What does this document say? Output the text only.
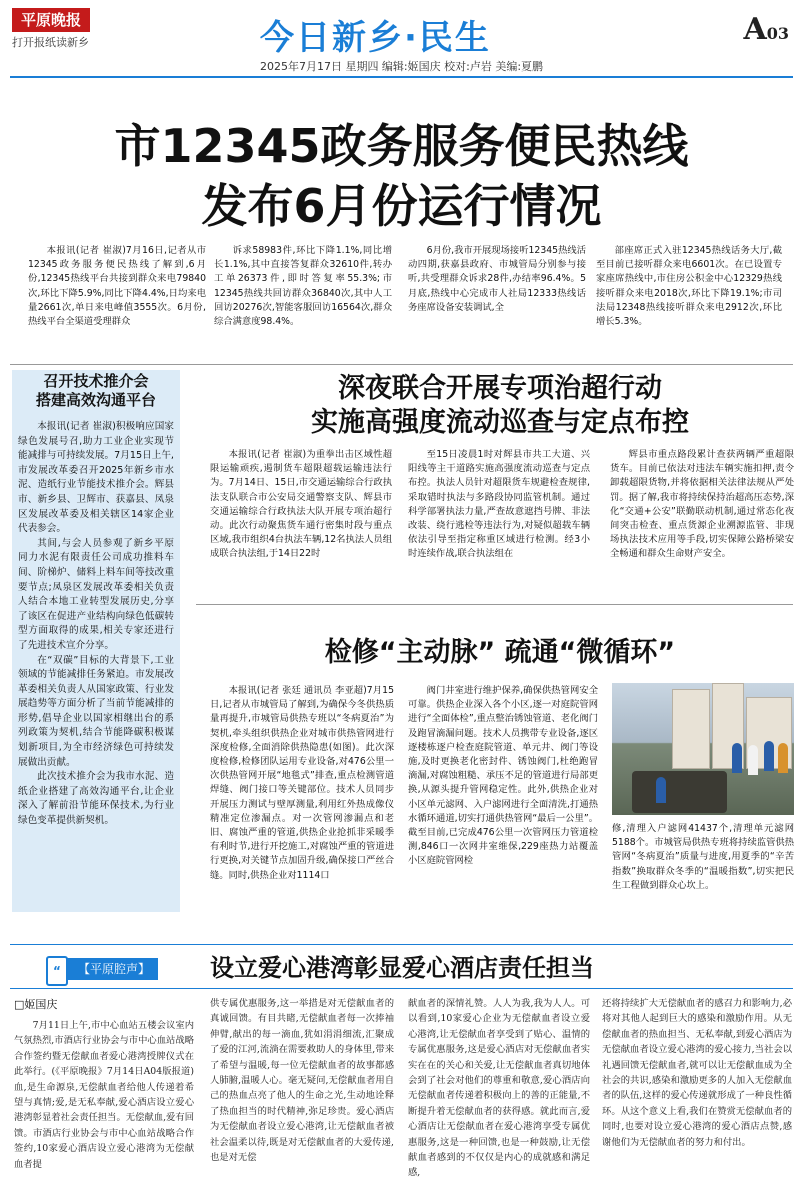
平原晚报
打开报纸读新乡	今日新乡·民生	A03
2025年7月17日 星期四 编辑:姬国庆 校对:卢岩 美编:夏鹏
市12345政务服务便民热线
发布6月份运行情况

本报讯(记者 崔淑)7月16日,记者从市12345政务服务便民热线了解到,6月份,12345热线平台共接到群众来电79840次,环比下降5.9%,同比下降4.4%,日均来电量2661次,单日来电峰值3555次。6月份,热线平台全渠道受理群众

诉求58983件,环比下降1.1%,同比增长1.1%,其中直接答复群众32610件,转办工单26373件,即时答复率55.3%;市12345热线共回访群众36840次,其中人工回访20276次,智能客服回访16564次,群众综合满意度98.4%。

6月份,我市开展现场接听12345热线活动四期,获嘉县政府、市城管局分别参与接听,共受理群众诉求28件,办结率96.4%。5月底,热线中心完成市人社局12333热线话务座席设备安装调试,全

部座席正式入驻12345热线话务大厅,截至目前已接听群众来电6601次。在已设置专家座席热线中,市住房公积金中心12329热线接听群众来电2018次,环比下降19.1%;市司法局12348热线接听群众来电2912次,环比增长5.3%。

召开技术推介会
搭建高效沟通平台

本报讯(记者 崔淑)积极响应国家绿色发展号召,助力工业企业实现节能减排与可持续发展。7月15日上午,市发展改革委召开2025年新乡市水泥、造纸行业节能技术推介会。辉县市、新乡县、卫辉市、获嘉县、凤泉区发展改革委及相关辖区14家企业代表参会。

其间,与会人员参观了新乡平原同力水泥有限责任公司成功推料车间、阶梯炉、储料上料车间等技改重要节点;凤泉区发展改革委相关负责人结合本地工业转型发展历史,分享了该区在促进产业结构向绿色低碳转型方面取得的成果,相关专家还进行了先进技术宣介分享。

在“双碳”目标的大背景下,工业领域的节能减排任务紧迫。市发展改革委相关负责人从国家政策、行业发展趋势等方面分析了当前节能减排的形势,倡导企业以国家相继出台的系列政策为契机,结合节能降碳积极谋划新项目,为全市经济绿色可持续发展做出贡献。

此次技术推介会为我市水泥、造纸企业搭建了高效沟通平台,让企业深入了解前沿节能环保技术,为行业绿色变革提供新契机。

深夜联合开展专项治超行动
实施高强度流动巡查与定点布控

本报讯(记者 崔淑)为重拳出击区域性超限运输顽疾,遏制货车超限超载运输违法行为。7月14日、15日,市交通运输综合行政执法支队联合市公安局交通警察支队、辉县市交通运输综合行政执法大队开展专项治超行动。此次行动聚焦货车通行密集时段与重点区域,我市组织4台执法车辆,12名执法人员组成联合执法组,于14日22时

至15日凌晨1时对辉县市共工大道、兴阳线等主干道路实施高强度流动巡查与定点布控。执法人员针对超限货车规避检查规律,采取错时执法与多路段协同监管机制。通过科学部署执法力量,严查故意遮挡号牌、非法改装、绕行逃检等违法行为,对疑似超载车辆依法引导至指定称重区域进行检测。经3小时连续作战,联合执法组在

辉县市重点路段累计查获两辆严重超限货车。目前已依法对违法车辆实施扣押,责令卸载超限货物,并将依据相关法律法规从严处罚。据了解,我市将持续保持治超高压态势,深化“交通+公安”联勤联动机制,通过常态化夜间突击检查、重点货源企业溯源监管、非现场执法技术应用等手段,切实保障公路桥梁安全畅通和群众生命财产安全。

检修“主动脉” 疏通“微循环”

本报讯(记者 张廷 通讯员 李亚超)7月15日,记者从市城管局了解到,为确保今冬供热质量再提升,市城管局供热专班以“冬病夏治”为契机,牵头组织供热企业对城市供热管网进行深度检修,全面消除供热隐患(如图)。此次深度检修,检修团队运用专业设备,对476公里一次供热管网开展“地毯式”排查,重点检测管道焊缝、阀门接口等关键部位。技术人员同步开展压力测试与壁厚测量,利用红外热成像仪精准定位渗漏点。对一次管网渗漏点和老旧、腐蚀严重的管道,供热企业抢抓非采暖季有利时节,进行开挖施工,对腐蚀严重的管道进行更换,对关键节点加固升级,确保接口严丝合缝。同时,供热企业对1114口

阀门井室进行维护保养,确保供热管网安全可靠。供热企业深入各个小区,逐一对庭院管网进行“全面体检”,重点整治锈蚀管道、老化阀门及跑冒滴漏问题。技术人员携带专业设备,逐区逐楼栋逐户检查庭院管道、单元井、阀门等设施,及时更换老化密封件、锈蚀阀门,杜绝跑冒滴漏,对腐蚀粗糙、承压不足的管道进行局部更换,从源头提升管网稳定性。此外,供热企业对小区单元滤网、入户滤网进行全面清洗,打通热水循环通道,切实打通供热管网“最后一公里”。截至目前,已完成476公里一次管网压力管道检测,846口一次网井室维保,229座热力站覆盖小区庭院管网检

修,清理入户滤网41437个,清理单元滤网5188个。市城管局供热专班将持续监管供热管网“冬病夏治”质量与进度,用夏季的“辛苦指数”换取群众冬季的“温暖指数”,切实把民生工程做到群众心坎上。

【平原腔声】
“	设立爱心港湾彰显爱心酒店责任担当
□姬国庆

7月11日上午,市中心血站五楼会议室内气氛热烈,市酒店行业协会与市中心血站战略合作签约暨无偿献血者爱心港湾授牌仪式在此举行。(《平原晚报》7月14日A04版报道)血,是生命源泉,无偿献血者给他人传递着希望与真情;爱,是无私奉献,爱心酒店设立爱心港湾彰显着社会责任担当。无偿献血,爱有回馈。市酒店行业协会与市中心血站战略合作签约,10家爱心酒店设立爱心港湾为无偿献血者提

供专属优惠服务,这一举措是对无偿献血者的真诚回馈。有目共睹,无偿献血者每一次捧袖伸臂,献出的每一滴血,犹如涓涓细流,汇聚成了爱的江河,流淌在需要救助人的身体里,带来了希望与温暖,每一位无偿献血者的故事都感人肺腑,温暖人心。毫无疑问,无偿献血者用自己的热血点亮了他人的生命之光,生动地诠释了热血担当的时代精神,弥足珍贵。爱心酒店为无偿献血者设立爱心港湾,让无偿献血者被社会温柔以待,既是对无偿献血者的大爱传递,也是对无偿

献血者的深情礼赞。人人为我,我为人人。可以看到,10家爱心企业为无偿献血者设立爱心港湾,让无偿献血者享受到了贴心、温情的专属优惠服务,这是爱心酒店对无偿献血者实实在在的关心和关爱,让无偿献血者真切地体会到了社会对他们的尊重和敬意,爱心酒店向无偿献血者传递着积极向上的善的正能量,不断提升着无偿献血者的获得感。就此而言,爱心酒店让无偿献血者在爱心港湾享受专属优惠服务,这是一种回馈,也是一种鼓励,让无偿献血者感到的不仅仅是内心的成就感和满足感,

还将持续扩大无偿献血者的感召力和影响力,必将对其他人起到巨大的感染和激励作用。从无偿献血者的热血担当、无私奉献,到爱心酒店为无偿献血者设立爱心港湾的爱心接力,当社会以礼遇回馈无偿献血者,就可以让无偿献血成为全社会的共识,感染和激励更多的人加入无偿献血者的队伍,这样的爱心传递就形成了一种良性循环。从这个意义上看,我们在赞赏无偿献血者的同时,也要对设立爱心港湾的爱心酒店点赞,感谢他们为无偿献血者的努力和付出。
